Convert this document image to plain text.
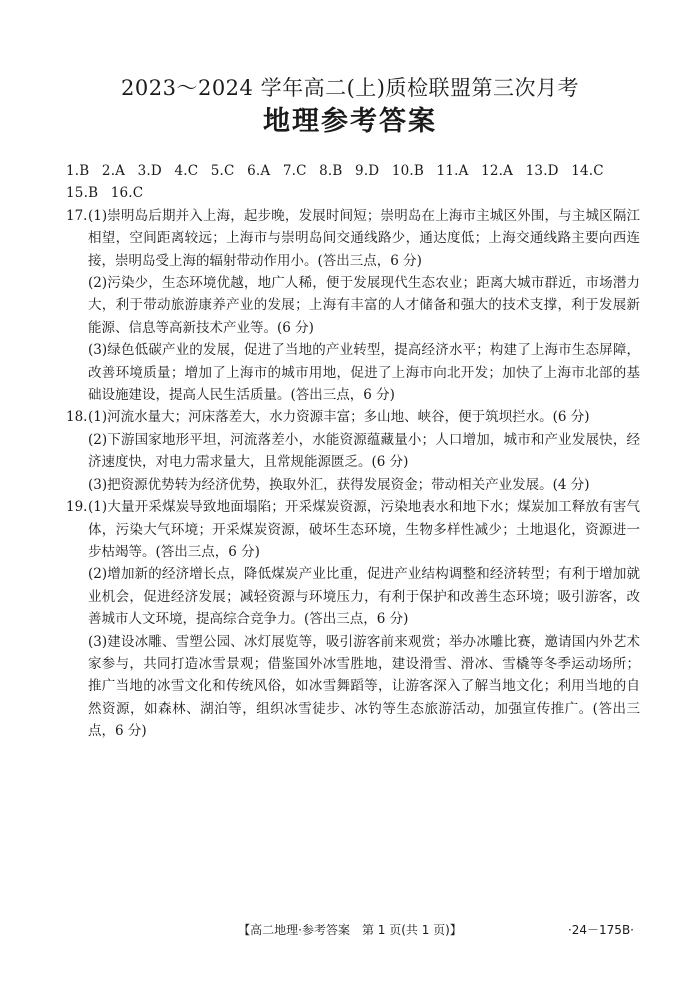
2023～2024 学年高二(上)质检联盟第三次月考
地理参考答案
1.B 2.A 3.D 4.C 5.C 6.A 7.C 8.B 9.D 10.B 11.A 12.A 13.D 14.C
15.B 16.C
17. (1)崇明岛后期并入上海，起步晚，发展时间短；崇明岛在上海市主城区外围，与主城区隔江相望，空间距离较远；上海市与崇明岛间交通线路少，通达度低；上海交通线路主要向西连接，崇明岛受上海的辐射带动作用小。(答出三点，6 分)
(2)污染少，生态环境优越，地广人稀，便于发展现代生态农业；距离大城市群近，市场潜力大，利于带动旅游康养产业的发展；上海有丰富的人才储备和强大的技术支撑，利于发展新能源、信息等高新技术产业等。(6 分)
(3)绿色低碳产业的发展，促进了当地的产业转型，提高经济水平；构建了上海市生态屏障，改善环境质量；增加了上海市的城市用地，促进了上海市向北开发；加快了上海市北部的基础设施建设，提高人民生活质量。(答出三点，6 分)
18. (1)河流水量大；河床落差大，水力资源丰富；多山地、峡谷，便于筑坝拦水。(6 分)
(2)下游国家地形平坦，河流落差小，水能资源蕴藏量小；人口增加，城市和产业发展快，经济速度快，对电力需求量大，且常规能源匮乏。(6 分)
(3)把资源优势转为经济优势，换取外汇，获得发展资金；带动相关产业发展。(4 分)
19. (1)大量开采煤炭导致地面塌陷；开采煤炭资源，污染地表水和地下水；煤炭加工释放有害气体，污染大气环境；开采煤炭资源，破坏生态环境，生物多样性减少；土地退化，资源进一步枯竭等。(答出三点，6 分)
(2)增加新的经济增长点，降低煤炭产业比重，促进产业结构调整和经济转型；有利于增加就业机会，促进经济发展；减轻资源与环境压力，有利于保护和改善生态环境；吸引游客，改善城市人文环境，提高综合竞争力。(答出三点，6 分)
(3)建设冰雕、雪塑公园、冰灯展览等，吸引游客前来观赏；举办冰雕比赛，邀请国内外艺术家参与，共同打造冰雪景观；借鉴国外冰雪胜地，建设滑雪、滑冰、雪橇等冬季运动场所；推广当地的冰雪文化和传统风俗，如冰雪舞蹈等，让游客深入了解当地文化；利用当地的自然资源，如森林、湖泊等，组织冰雪徒步、冰钓等生态旅游活动，加强宣传推广。(答出三点，6 分)
【高二地理·参考答案　第 1 页(共 1 页)】	·24－175B·
